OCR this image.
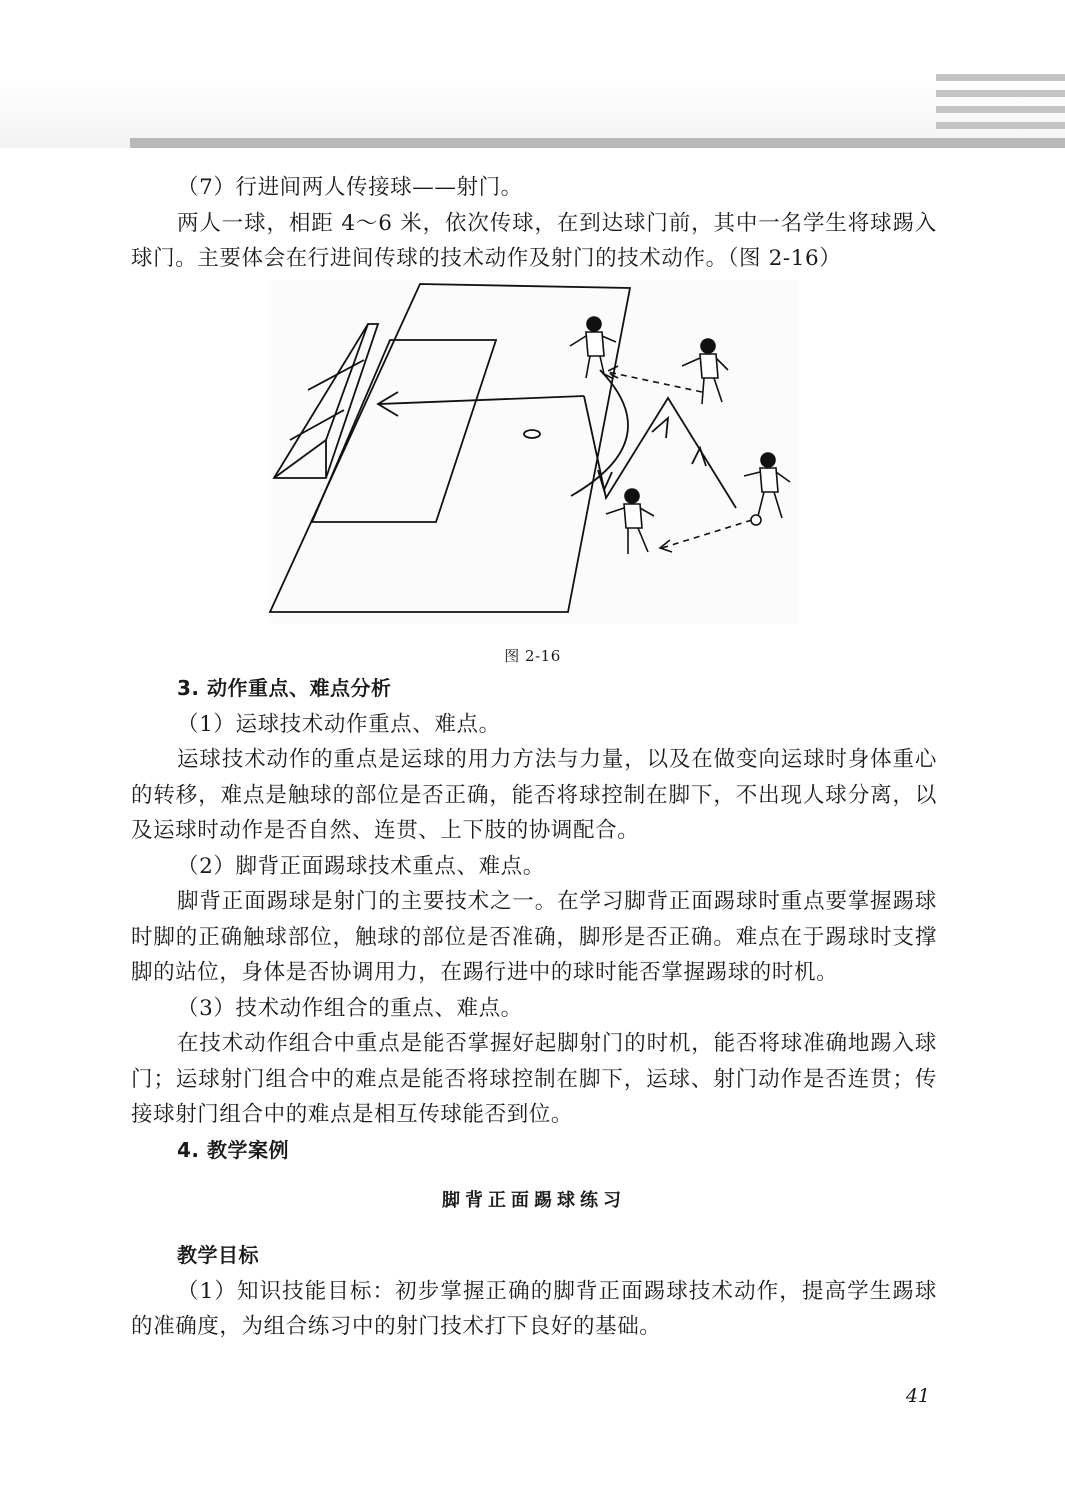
（7）行进间两人传接球——射门。

两人一球，相距 4～6 米，依次传球，在到达球门前，其中一名学生将球踢入球门。主要体会在行进间传球的技术动作及射门的技术动作。（图 2-16）

图 2-16
3. 动作重点、难点分析

（1）运球技术动作重点、难点。

运球技术动作的重点是运球的用力方法与力量，以及在做变向运球时身体重心的转移，难点是触球的部位是否正确，能否将球控制在脚下，不出现人球分离，以及运球时动作是否自然、连贯、上下肢的协调配合。

（2）脚背正面踢球技术重点、难点。

脚背正面踢球是射门的主要技术之一。在学习脚背正面踢球时重点要掌握踢球时脚的正确触球部位，触球的部位是否准确，脚形是否正确。难点在于踢球时支撑脚的站位，身体是否协调用力，在踢行进中的球时能否掌握踢球的时机。

（3）技术动作组合的重点、难点。

在技术动作组合中重点是能否掌握好起脚射门的时机，能否将球准确地踢入球门；运球射门组合中的难点是能否将球控制在脚下，运球、射门动作是否连贯；传接球射门组合中的难点是相互传球能否到位。

4. 教学案例
脚背正面踢球练习
教学目标

（1）知识技能目标：初步掌握正确的脚背正面踢球技术动作，提高学生踢球的准确度，为组合练习中的射门技术打下良好的基础。

41
